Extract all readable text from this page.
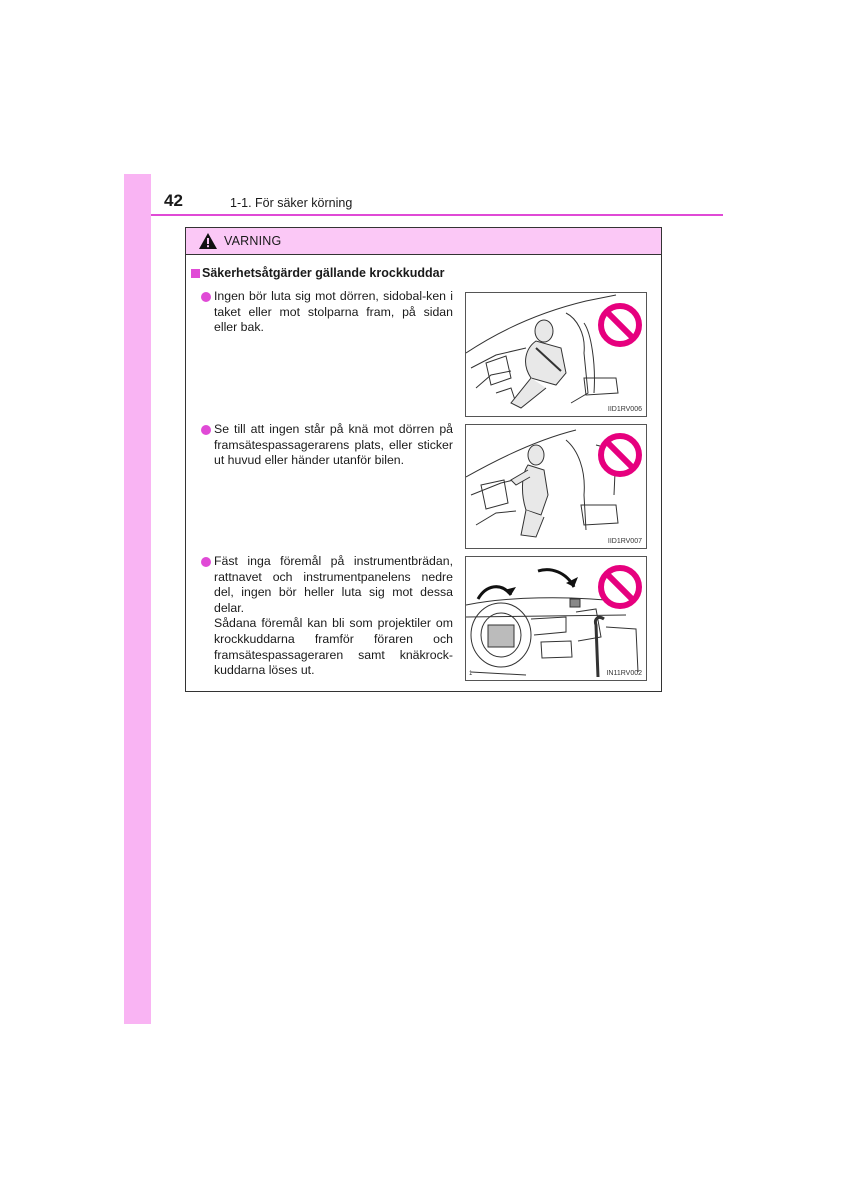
42	1-1. För säker körning
VARNING
Säkerhetsåtgärder gällande krockkuddar

Ingen bör luta sig mot dörren, sidobal-ken i taket eller mot stolparna fram, på sidan eller bak.

IID1RV006

Se till att ingen står på knä mot dörren på framsätespassagerarens plats, eller sticker ut huvud eller händer utanför bilen.

IID1RV007

Fäst inga föremål på instrumentbrädan, rattnavet och instrumentpanelens nedre del, ingen bör heller luta sig mot dessa delar.

Sådana föremål kan bli som projektiler om krockkuddarna framför föraren och framsätespassageraren samt knäkrock-kuddarna löses ut.	1	IN11RV002
